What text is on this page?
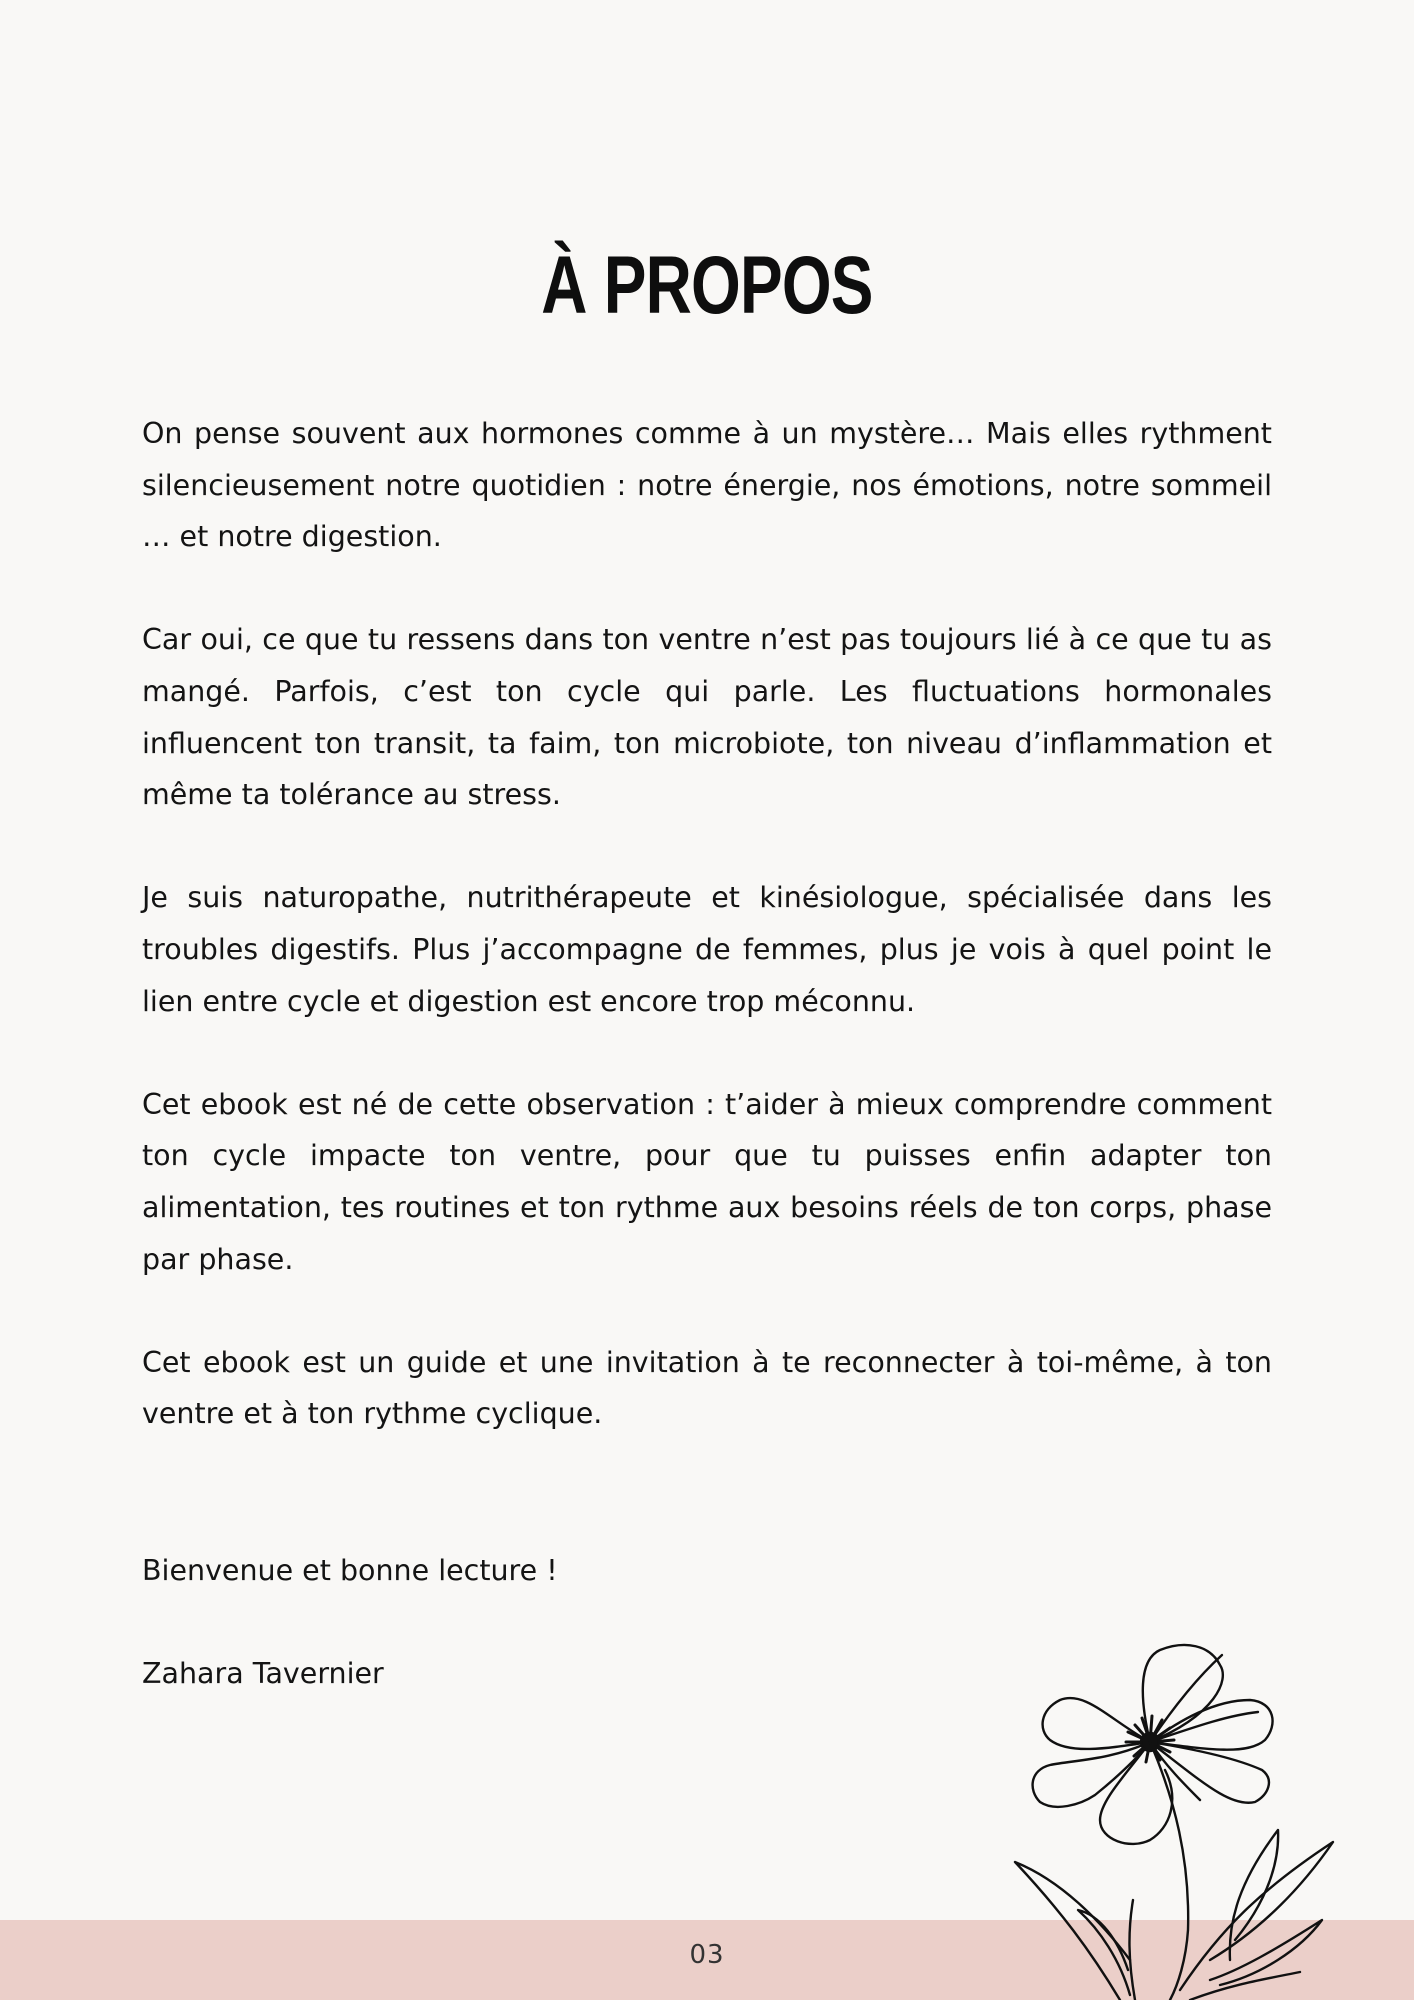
À PROPOS

On pense souvent aux hormones comme à un mystère… Mais elles rythment silencieusement notre quotidien : notre énergie, nos émotions, notre sommeil … et notre digestion.

Car oui, ce que tu ressens dans ton ventre n’est pas toujours lié à ce que tu as mangé. Parfois, c’est ton cycle qui parle. Les fluctuations hormonales influencent ton transit, ta faim, ton microbiote, ton niveau d’inflammation et même ta tolérance au stress.

Je suis naturopathe, nutrithérapeute et kinésiologue, spécialisée dans les troubles digestifs. Plus j’accompagne de femmes, plus je vois à quel point le lien entre cycle et digestion est encore trop méconnu.

Cet ebook est né de cette observation : t’aider à mieux comprendre comment ton cycle impacte ton ventre, pour que tu puisses enfin adapter ton alimentation, tes routines et ton rythme aux besoins réels de ton corps, phase par phase.

Cet ebook est un guide et une invitation à te reconnecter à toi-même, à ton ventre et à ton rythme cyclique.

Bienvenue et bonne lecture !

Zahara Tavernier

03
